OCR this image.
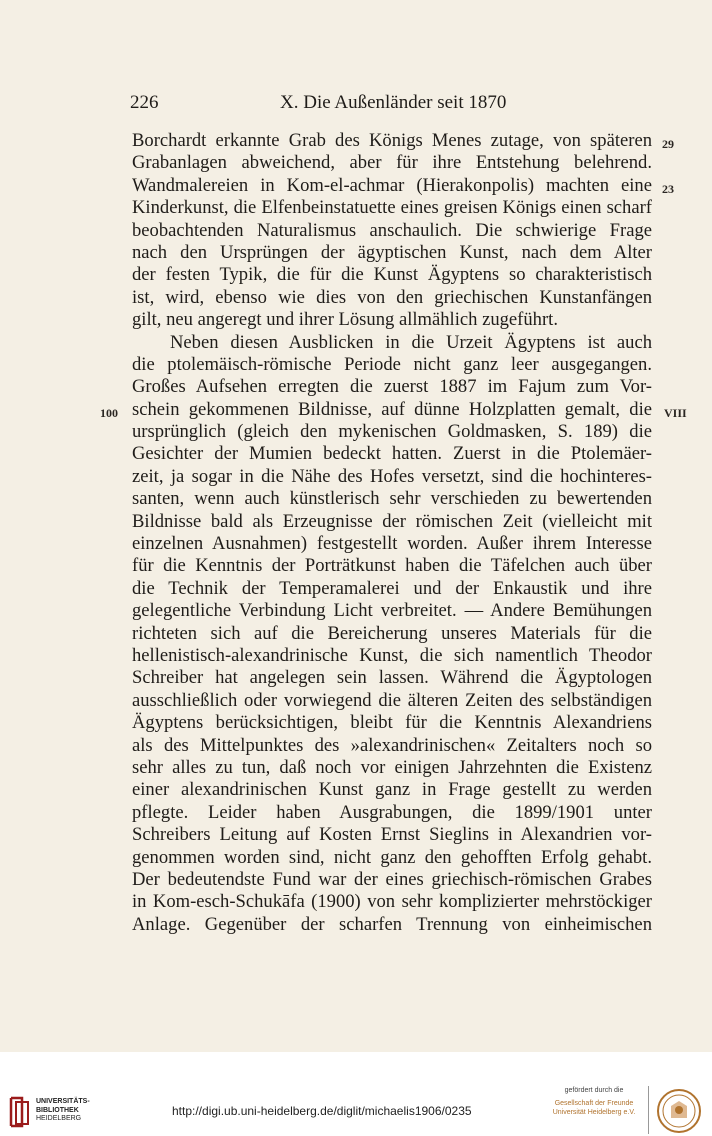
226	X. Die Außenländer seit 1870
29
23
100	VIII
Borchardt erkannte Grab des Königs Menes zutage, von späteren
Grabanlagen abweichend, aber für ihre Entstehung belehrend.
Wandmalereien in Kom-el-achmar (Hierakonpolis) machten eine
Kinderkunst, die Elfenbeinstatuette eines greisen Königs einen scharf
beobachtenden Naturalismus anschaulich. Die schwierige Frage
nach den Ursprüngen der ägyptischen Kunst, nach dem Alter
der festen Typik, die für die Kunst Ägyptens so charakteristisch
ist, wird, ebenso wie dies von den griechischen Kunstanfängen
gilt, neu angeregt und ihrer Lösung allmählich zugeführt.
Neben diesen Ausblicken in die Urzeit Ägyptens ist auch
die ptolemäisch-römische Periode nicht ganz leer ausgegangen.
Großes Aufsehen erregten die zuerst 1887 im Fajum zum Vor-
schein gekommenen Bildnisse, auf dünne Holzplatten gemalt, die
ursprünglich (gleich den mykenischen Goldmasken, S. 189) die
Gesichter der Mumien bedeckt hatten. Zuerst in die Ptolemäer-
zeit, ja sogar in die Nähe des Hofes versetzt, sind die hochinteres-
santen, wenn auch künstlerisch sehr verschieden zu bewertenden
Bildnisse bald als Erzeugnisse der römischen Zeit (vielleicht mit
einzelnen Ausnahmen) festgestellt worden. Außer ihrem Interesse
für die Kenntnis der Porträtkunst haben die Täfelchen auch über
die Technik der Temperamalerei und der Enkaustik und ihre
gelegentliche Verbindung Licht verbreitet. — Andere Bemühungen
richteten sich auf die Bereicherung unseres Materials für die
hellenistisch-alexandrinische Kunst, die sich namentlich Theodor
Schreiber hat angelegen sein lassen. Während die Ägyptologen
ausschließlich oder vorwiegend die älteren Zeiten des selbständigen
Ägyptens berücksichtigen, bleibt für die Kenntnis Alexandriens
als des Mittelpunktes des »alexandrinischen« Zeitalters noch so
sehr alles zu tun, daß noch vor einigen Jahrzehnten die Existenz
einer alexandrinischen Kunst ganz in Frage gestellt zu werden
pflegte. Leider haben Ausgrabungen, die 1899/1901 unter
Schreibers Leitung auf Kosten Ernst Sieglins in Alexandrien vor-
genommen worden sind, nicht ganz den gehofften Erfolg gehabt.
Der bedeutendste Fund war der eines griechisch-römischen Grabes
in Kom-esch-Schukāfa (1900) von sehr komplizierter mehrstöckiger
Anlage. Gegenüber der scharfen Trennung von einheimischen
UNIVERSITÄTS-
BIBLIOTHEK
HEIDELBERG
http://digi.ub.uni-heidelberg.de/diglit/michaelis1906/0235
gefördert durch die
Gesellschaft der Freunde
Universität Heidelberg e.V.
